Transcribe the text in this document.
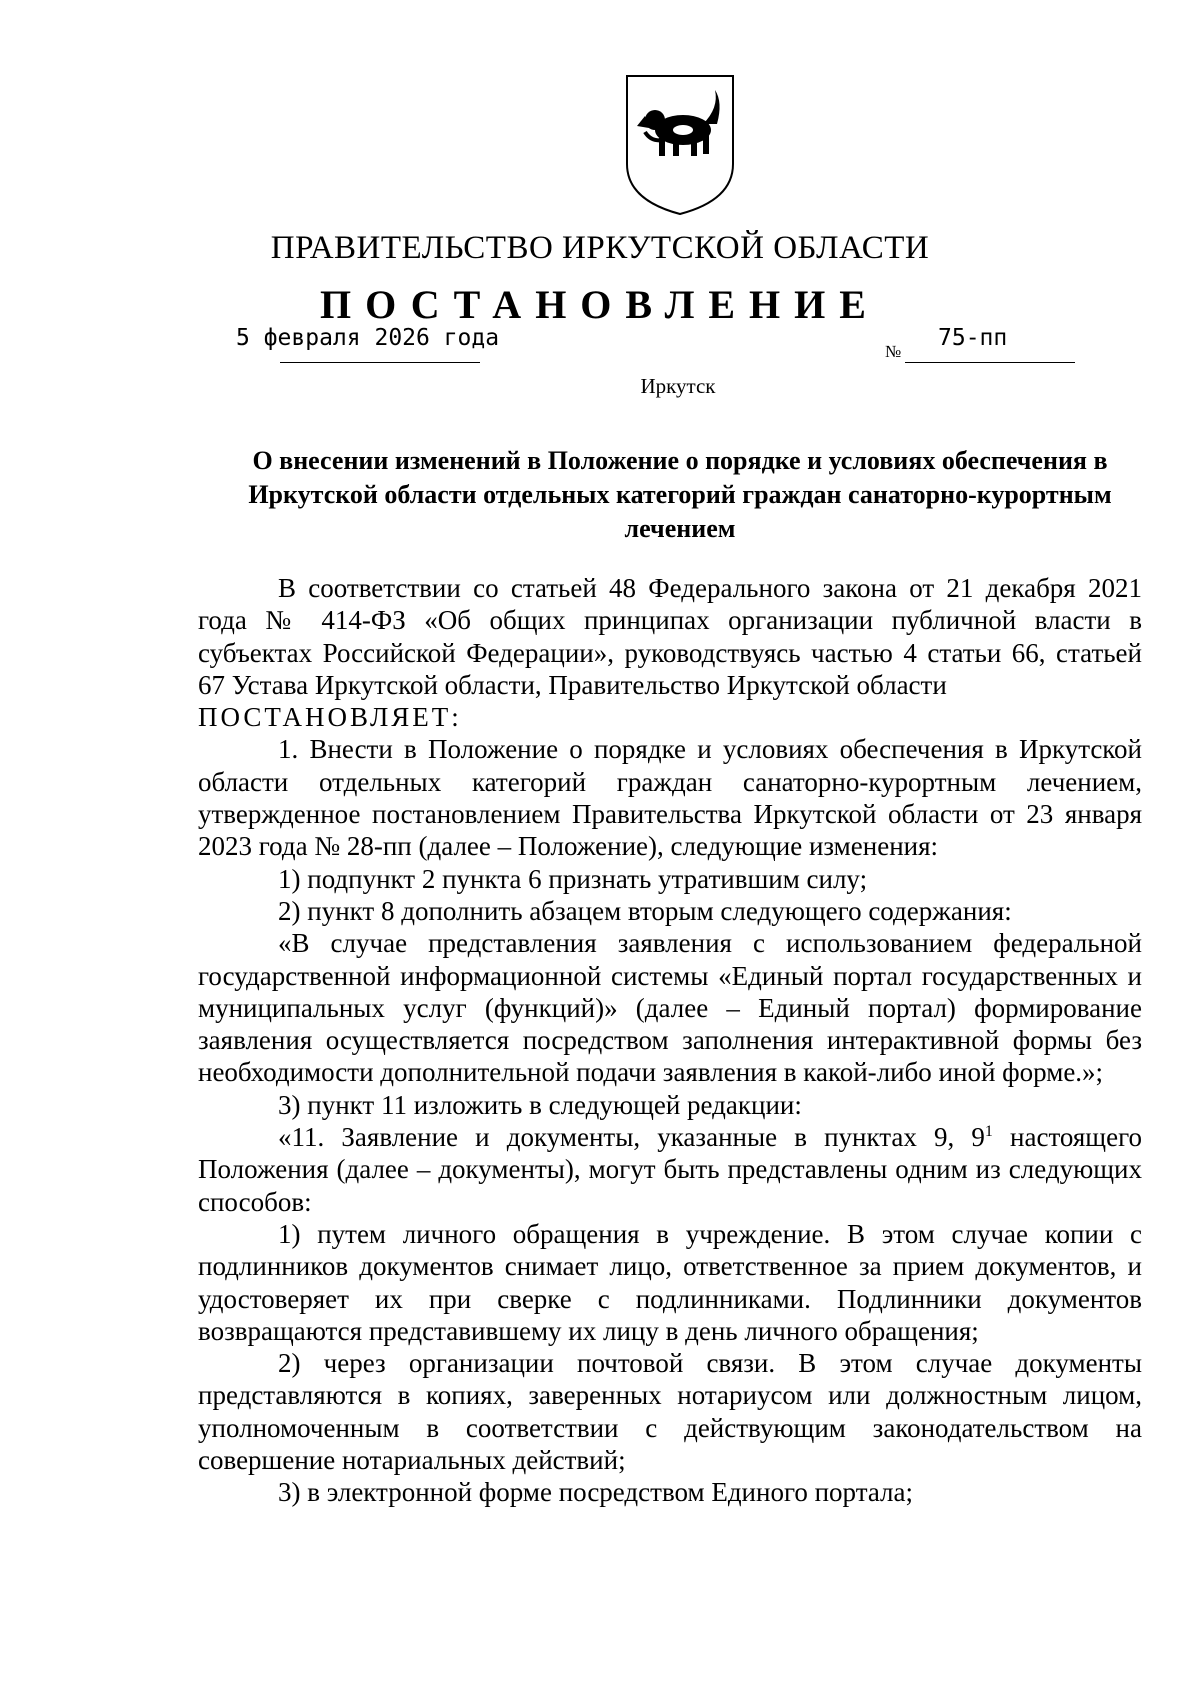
ПРАВИТЕЛЬСТВО ИРКУТСКОЙ ОБЛАСТИ
ПОСТАНОВЛЕНИЕ
5 февраля 2026 года
№
75-пп
Иркутск
О внесении изменений в Положение о порядке и условиях обеспечения в Иркутской области отдельных категорий граждан санаторно-курортным лечением

В соответствии со статьей 48 Федерального закона от 21 декабря 2021 года № 414-ФЗ «Об общих принципах организации публичной власти в субъектах Российской Федерации», руководствуясь частью 4 статьи 66, статьей 67 Устава Иркутской области, Правительство Иркутской области

ПОСТАНОВЛЯЕТ:

1. Внести в Положение о порядке и условиях обеспечения в Иркутской области отдельных категорий граждан санаторно-курортным лечением, утвержденное постановлением Правительства Иркутской области от 23 января 2023 года № 28-пп (далее – Положение), следующие изменения:

1) подпункт 2 пункта 6 признать утратившим силу;

2) пункт 8 дополнить абзацем вторым следующего содержания:

«В случае представления заявления с использованием федеральной государственной информационной системы «Единый портал государственных и муниципальных услуг (функций)» (далее – Единый портал) формирование заявления осуществляется посредством заполнения интерактивной формы без необходимости дополнительной подачи заявления в какой-либо иной форме.»;

3) пункт 11 изложить в следующей редакции:

«11. Заявление и документы, указанные в пунктах 9, $9^1$ настоящего Положения (далее – документы), могут быть представлены одним из следующих способов:

1) путем личного обращения в учреждение. В этом случае копии с подлинников документов снимает лицо, ответственное за прием документов, и удостоверяет их при сверке с подлинниками. Подлинники документов возвращаются представившему их лицу в день личного обращения;

2) через организации почтовой связи. В этом случае документы представляются в копиях, заверенных нотариусом или должностным лицом, уполномоченным в соответствии с действующим законодательством на совершение нотариальных действий;

3) в электронной форме посредством Единого портала;
